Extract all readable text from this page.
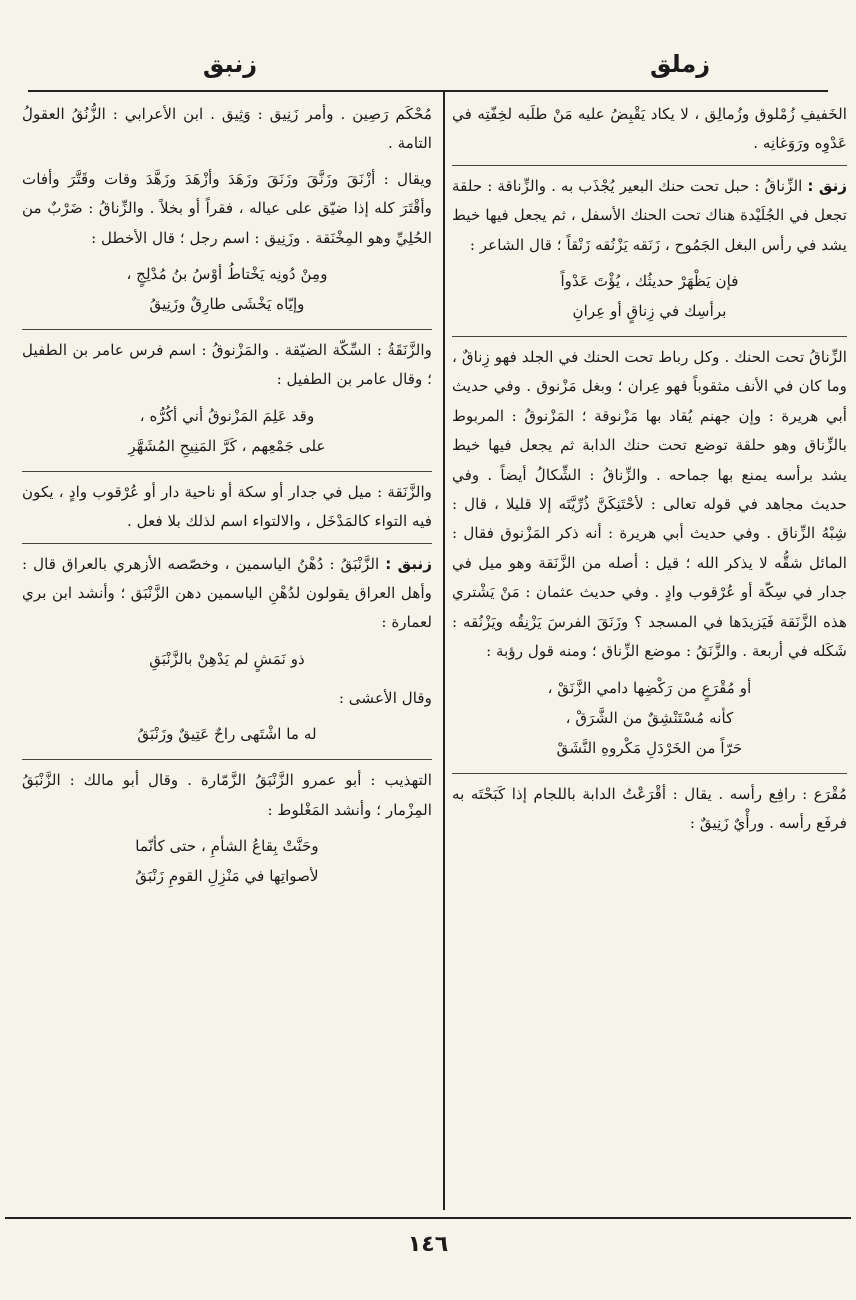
زملق
زنبق

الخَفيفِ زُمْلوق وزُمالِق ، لا يكاد يَقْبِضُ عليه مَنْ طلَبه لخِفّتِه في عَدْوِه ورَوَغانِه .

زنق : الزِّناقُ : حبل تحت حنك البعير يُجْذَب به . والزِّناقة : حلقة تجعل في الجُلَيْدة هناك تحت الحنك الأسفل ، ثم يجعل فيها خيط يشد في رأس البغل الجَمُوح ، زَنَقه يَزْنُقه زَنْقاً ؛ قال الشاعر :

فإن يَظْهَرْ حديثُك ، يُؤْتَ عَدْواً
برأسِك في زِناقٍ أو عِرانِ

الزِّناقُ تحت الحنك . وكل رباط تحت الحنك في الجلد فهو زِناقٌ ، وما كان في الأنف مثقوباً فهو عِران ؛ وبغل مَزْنوق . وفي حديث أبي هريرة : وإن جهنم يُقاد بها مَزْنوقة ؛ المَزْنوقُ : المربوط بالزِّناق وهو حلقة توضع تحت حنك الدابة ثم يجعل فيها خيط يشد برأسه يمنع بها جماحه . والزِّناقُ : الشِّكالُ أيضاً . وفي حديث مجاهد في قوله تعالى : لأحْتَنِكَنَّ ذُرِّيَّتَه إلا قليلا ، قال : شِبْهُ الزِّناق . وفي حديث أبي هريرة : أنه ذكر المَزْنوق فقال : المائل شقُّه لا يذكر الله ؛ قيل : أصله من الزَّنَقة وهو ميل في جدار في سِكّة أو عُرْقوب وادٍ . وفي حديث عثمان : مَنْ يَشْتري هذه الزَّنَقة فَيَزيدَها في المسجد ؟ وزَنَقَ الفرسَ يَزْنِقُه ويَزْنُقه : شَكَله في أربعة . والزَّنَقُ : موضع الزِّناق ؛ ومنه قول رؤبة :

أو مُقْرَعٍ من رَكْضِها دامي الزَّنَقْ ،
كأنه مُسْتَنْشِقٌ من الشَّرَقْ ،
حَرّاً من الخَرْدَلِ مَكْروهِ النَّشَقْ

مُقْرَع : رافِع رأسه . يقال : أقْرَعْتُ الدابة باللجام إذا كَبَحْتَه به فرفَع رأسه . ورأْيٌ زَنِيقٌ :

مُحْكَم رَصِين . وأمر زَنِيق : وَثِيق . ابن الأعرابي : الزُّنُقُ العقولُ التامة .

ويقال : أزْنَقَ وزَنَّقَ وزَنَقَ وزَهَدَ وأزْهَدَ وزَهَّدَ وقات وقَتَّرَ وأفات وأقْتَرَ كله إذا ضيّق على عياله ، فقراً أو بخلاً . والزِّناقُ : ضَرْبٌ من الحُلِيِّ وهو المِخْنَقة . وزَنِيق : اسم رجل ؛ قال الأخطل :

ومِنْ دُونِه يَخْتاطُ أوْسُ بنُ مُدْلِجٍ ،
وإيّاه يَخْشَى طارِقٌ وزَنِيقُ

والزَّنَقَةُ : السِّكّة الضيّقة . والمَزْنوقُ : اسم فرس عامر بن الطفيل ؛ وقال عامر بن الطفيل :

وقد عَلِمَ المَزْنوقُ أني أكُرُّه ،
على جَمْعِهم ، كَرَّ المَنِيحِ المُشَهَّرِ

والزَّنَقة : ميل في جدار أو سكة أو ناحية دار أو عُرْقوب وادٍ ، يكون فيه التواء كالمَدْخَل ، والالتواء اسم لذلك بلا فعل .

زنبق : الزَّنْبَقُ : دُهْنُ الياسمين ، وخصّصه الأزهري بالعراق قال : وأهل العراق يقولون لدُهْنِ الياسمين دهن الزَّنْبَق ؛ وأنشد ابن بري لعمارة :

ذو نَمَشٍ لم يَدْهِنْ بالزَّنْبَقِ

وقال الأعشى :

له ما اشْتَهى راحٌ عَتِيقٌ وزَنْبَقُ

التهذيب : أبو عمرو الزَّنْبَقُ الزَّمّارة . وقال أبو مالك : الزَّنْبَقُ المِزْمار ؛ وأنشد المَغْلوط :

وحَنَّتْ بِقاعُ الشأمِ ، حتى كأنّما
لأصواتِها في مَنْزِلِ القومِ زَنْبَقُ
١٤٦
